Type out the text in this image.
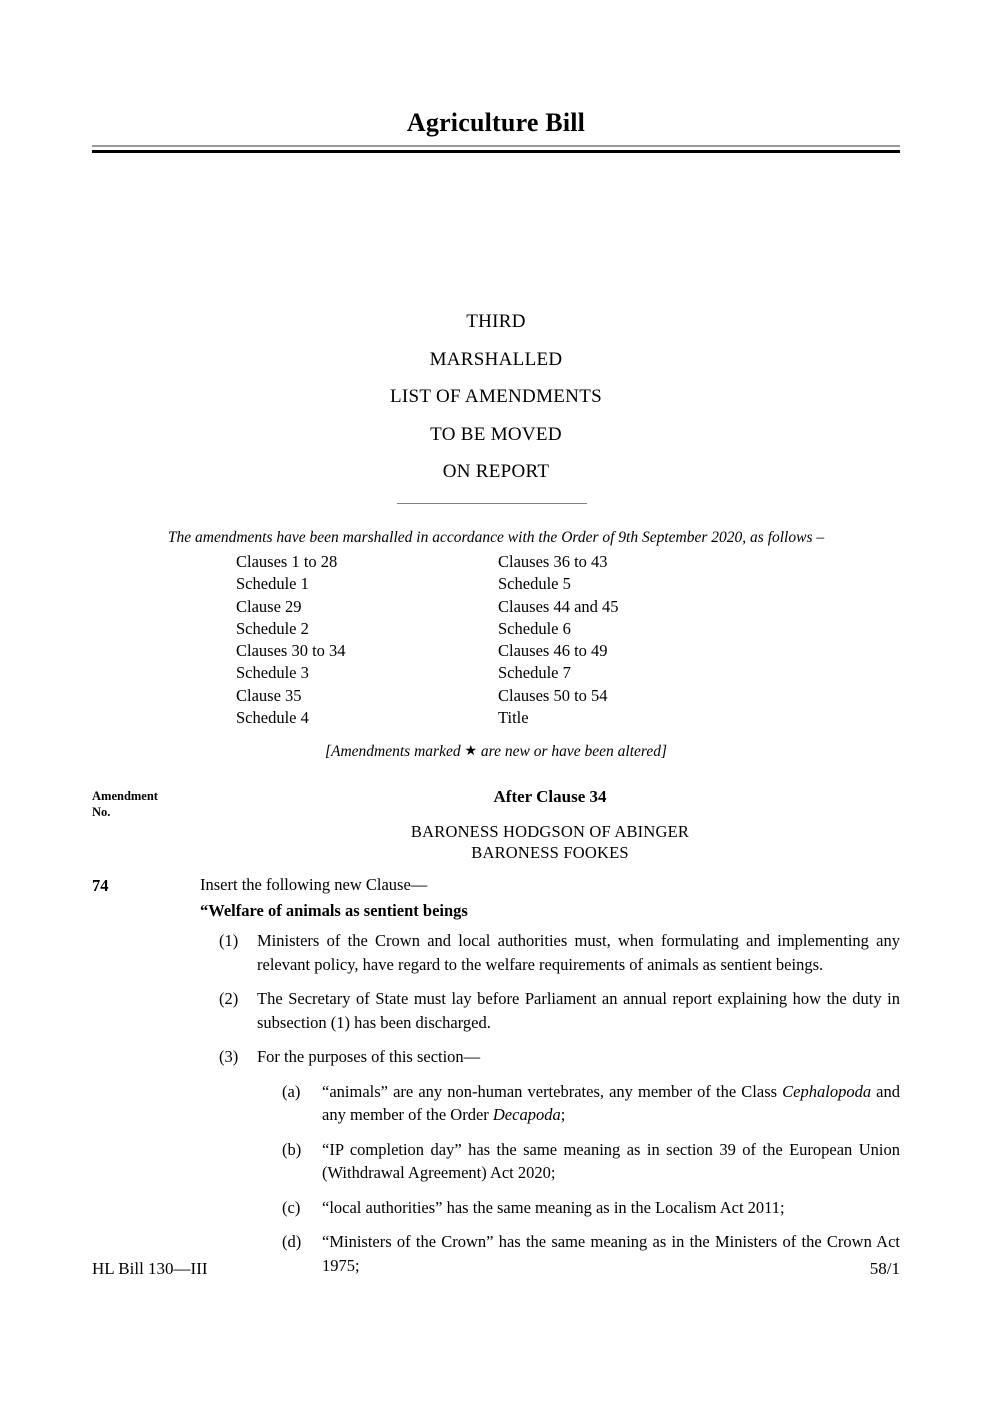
Agriculture Bill
THIRD
MARSHALLED
LIST OF AMENDMENTS
TO BE MOVED
ON REPORT
The amendments have been marshalled in accordance with the Order of 9th September 2020, as follows –
Clauses 1 to 28
Schedule 1
Clause 29
Schedule 2
Clauses 30 to 34
Schedule 3
Clause 35
Schedule 4
Clauses 36 to 43
Schedule 5
Clauses 44 and 45
Schedule 6
Clauses 46 to 49
Schedule 7
Clauses 50 to 54
Title
[Amendments marked ★ are new or have been altered]
Amendment
No.
After Clause 34
BARONESS HODGSON OF ABINGER
BARONESS FOOKES
74	Insert the following new Clause—
“Welfare of animals as sentient beings
(1) Ministers of the Crown and local authorities must, when formulating and implementing any relevant policy, have regard to the welfare requirements of animals as sentient beings.
(2) The Secretary of State must lay before Parliament an annual report explaining how the duty in subsection (1) has been discharged.
(3) For the purposes of this section—
(a) “animals” are any non-human vertebrates, any member of the Class Cephalopoda and any member of the Order Decapoda;
(b) “IP completion day” has the same meaning as in section 39 of the European Union (Withdrawal Agreement) Act 2020;
(c) “local authorities” has the same meaning as in the Localism Act 2011;
(d) “Ministers of the Crown” has the same meaning as in the Ministers of the Crown Act 1975;
HL Bill 130—III	58/1
